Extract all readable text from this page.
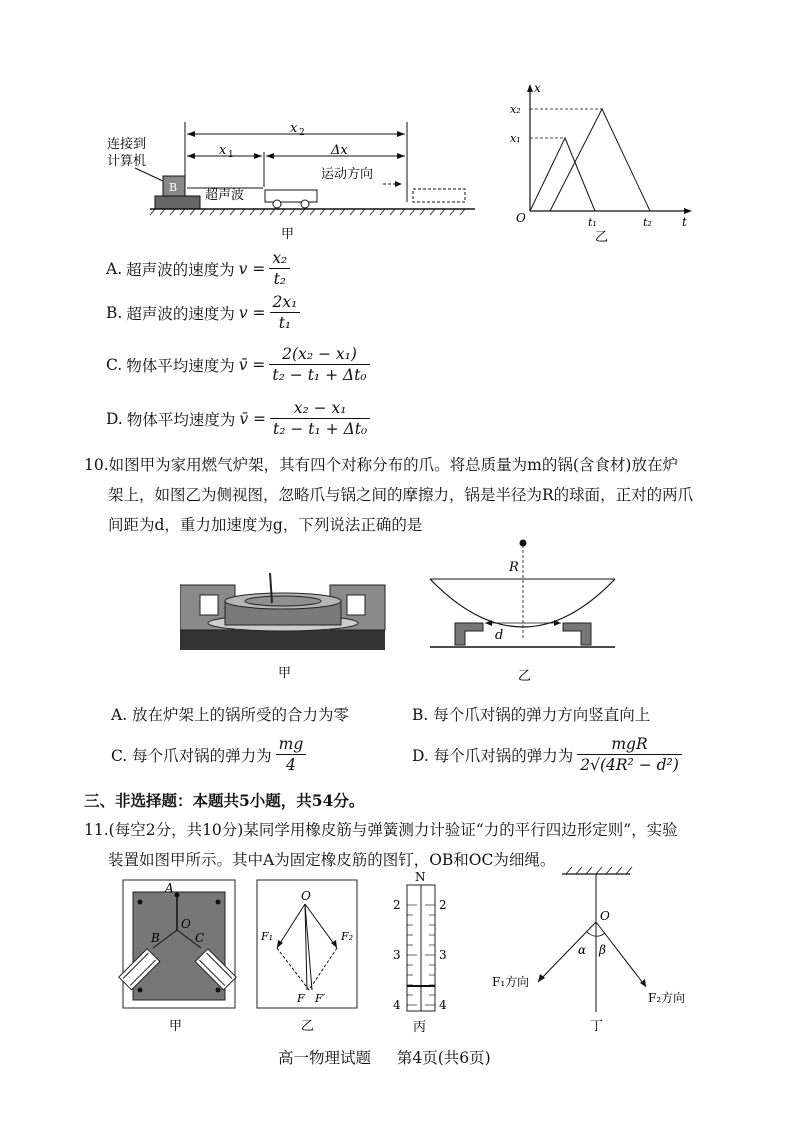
x 2
x 1	Δx
连接到
计算机
B
超声波
运动方向
甲
x
t
O
x₁
x₂
t₁	t₂
乙
A. 超声波的速度为 $v = \frac{\text{x₂}}{\text{t₂}}$
B. 超声波的速度为 $v = \frac{\text{2x₁}}{\text{t₁}}$
C. 物体平均速度为 v̄ = $\frac{\text{2(x₂ − x₁)}}{\text{t₂ − t₁ + Δt₀}}$
D. 物体平均速度为 v̄ = $\frac{\text{x₂ − x₁}}{\text{t₂ − t₁ + Δt₀}}$
10.如图甲为家用燃气炉架，其有四个对称分布的爪。将总质量为m的锅(含食材)放在炉
架上，如图乙为侧视图，忽略爪与锅之间的摩擦力，锅是半径为R的球面，正对的两爪
间距为d，重力加速度为g，下列说法正确的是
甲
R
d
乙
A. 放在炉架上的锅所受的合力为零	B. 每个爪对锅的弹力方向竖直向上
C. 每个爪对锅的弹力为 $\frac{mg}{4}$	D. 每个爪对锅的弹力为 $\frac{\text{mgR}}{\text{2√(4R² − d²)}}$
三、非选择题：本题共5小题，共54分。
11.(每空2分，共10分)某同学用橡皮筋与弹簧测力计验证“力的平行四边形定则”，实验
装置如图甲所示。其中A为固定橡皮筋的图钉，OB和OC为细绳。
A
O
B	C
甲
O
F₁	F₂
F F′
乙
N
2	2
3	3
4	4
丙
O
α β
F₁方向
F₂方向
丁
高一物理试题 第4页(共6页)
